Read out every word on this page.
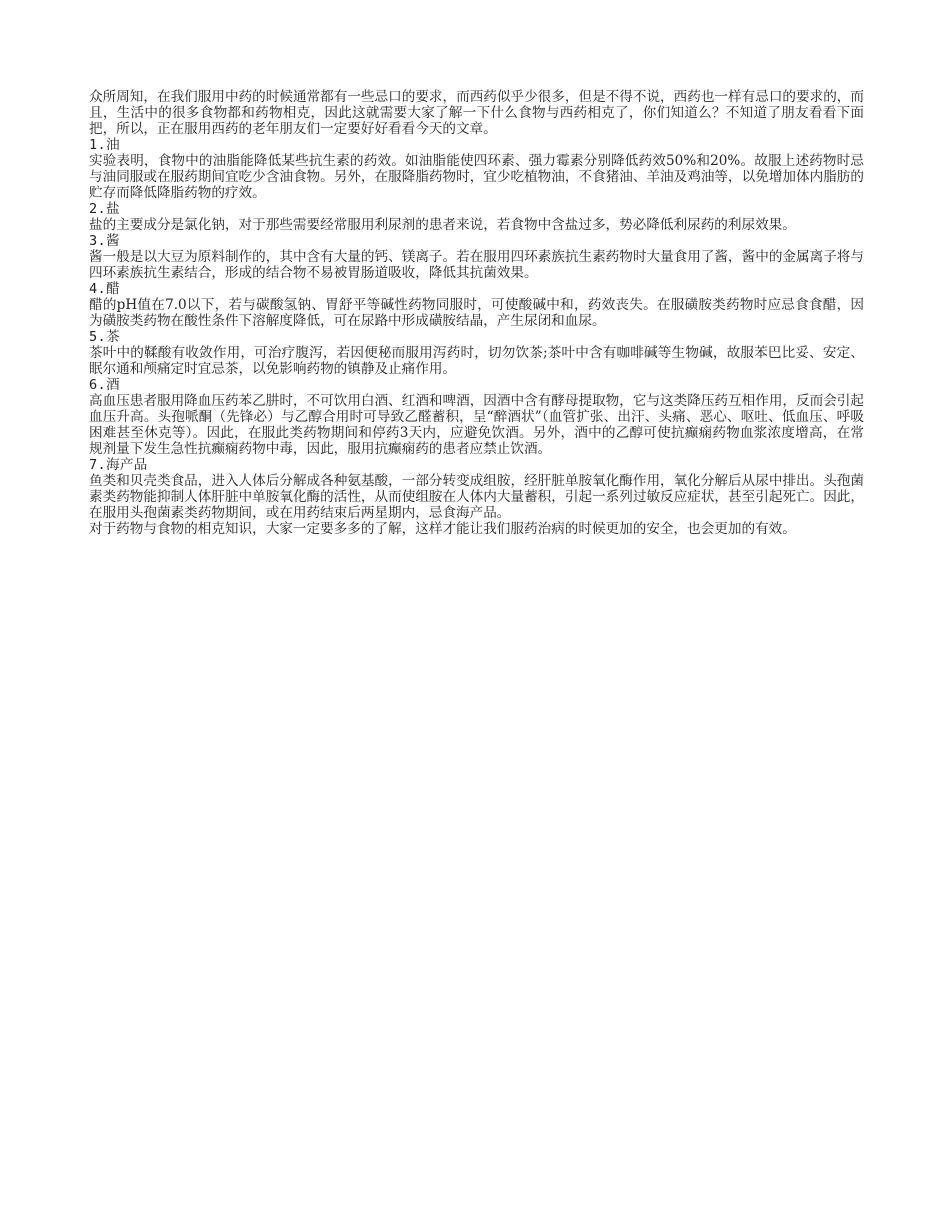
众所周知，在我们服用中药的时候通常都有一些忌口的要求，而西药似乎少很多，但是不得不说，西药也一样有忌口的要求的，而且，生活中的很多食物都和药物相克，因此这就需要大家了解一下什么食物与西药相克了，你们知道么？不知道了朋友看看下面把，所以，正在服用西药的老年朋友们一定要好好看看今天的文章。

1.油

实验表明，食物中的油脂能降低某些抗生素的药效。如油脂能使四环素、强力霉素分别降低药效50%和20%。故服上述药物时忌与油同服或在服药期间宜吃少含油食物。另外，在服降脂药物时，宜少吃植物油，不食猪油、羊油及鸡油等，以免增加体内脂肪的贮存而降低降脂药物的疗效。

2.盐

盐的主要成分是氯化钠，对于那些需要经常服用利尿剂的患者来说，若食物中含盐过多，势必降低利尿药的利尿效果。

3.酱

酱一般是以大豆为原料制作的，其中含有大量的钙、镁离子。若在服用四环素族抗生素药物时大量食用了酱，酱中的金属离子将与四环素族抗生素结合，形成的结合物不易被胃肠道吸收，降低其抗菌效果。

4.醋

醋的pH值在7.0以下，若与碳酸氢钠、胃舒平等碱性药物同服时，可使酸碱中和，药效丧失。在服磺胺类药物时应忌食食醋，因为磺胺类药物在酸性条件下溶解度降低，可在尿路中形成磺胺结晶，产生尿闭和血尿。

5.茶

茶叶中的鞣酸有收敛作用，可治疗腹泻，若因便秘而服用泻药时，切勿饮茶;茶叶中含有咖啡碱等生物碱，故服苯巴比妥、安定、眠尔通和颅痛定时宜忌茶，以免影响药物的镇静及止痛作用。

6.酒

高血压患者服用降血压药苯乙肼时，不可饮用白酒、红酒和啤酒，因酒中含有酵母提取物，它与这类降压药互相作用，反而会引起血压升高。头孢哌酮（先锋必）与乙醇合用时可导致乙醛蓄积，呈“醉酒状”（血管扩张、出汗、头痛、恶心、呕吐、低血压、呼吸困难甚至休克等）。因此，在服此类药物期间和停药3天内，应避免饮酒。另外，酒中的乙醇可使抗癫痫药物血浆浓度增高，在常规剂量下发生急性抗癫痫药物中毒，因此，服用抗癫痫药的患者应禁止饮酒。

7.海产品

鱼类和贝壳类食品，进入人体后分解成各种氨基酸，一部分转变成组胺，经肝脏单胺氧化酶作用，氧化分解后从尿中排出。头孢菌素类药物能抑制人体肝脏中单胺氧化酶的活性，从而使组胺在人体内大量蓄积，引起一系列过敏反应症状，甚至引起死亡。因此，在服用头孢菌素类药物期间，或在用药结束后两星期内，忌食海产品。

对于药物与食物的相克知识，大家一定要多多的了解，这样才能让我们服药治病的时候更加的安全，也会更加的有效。
